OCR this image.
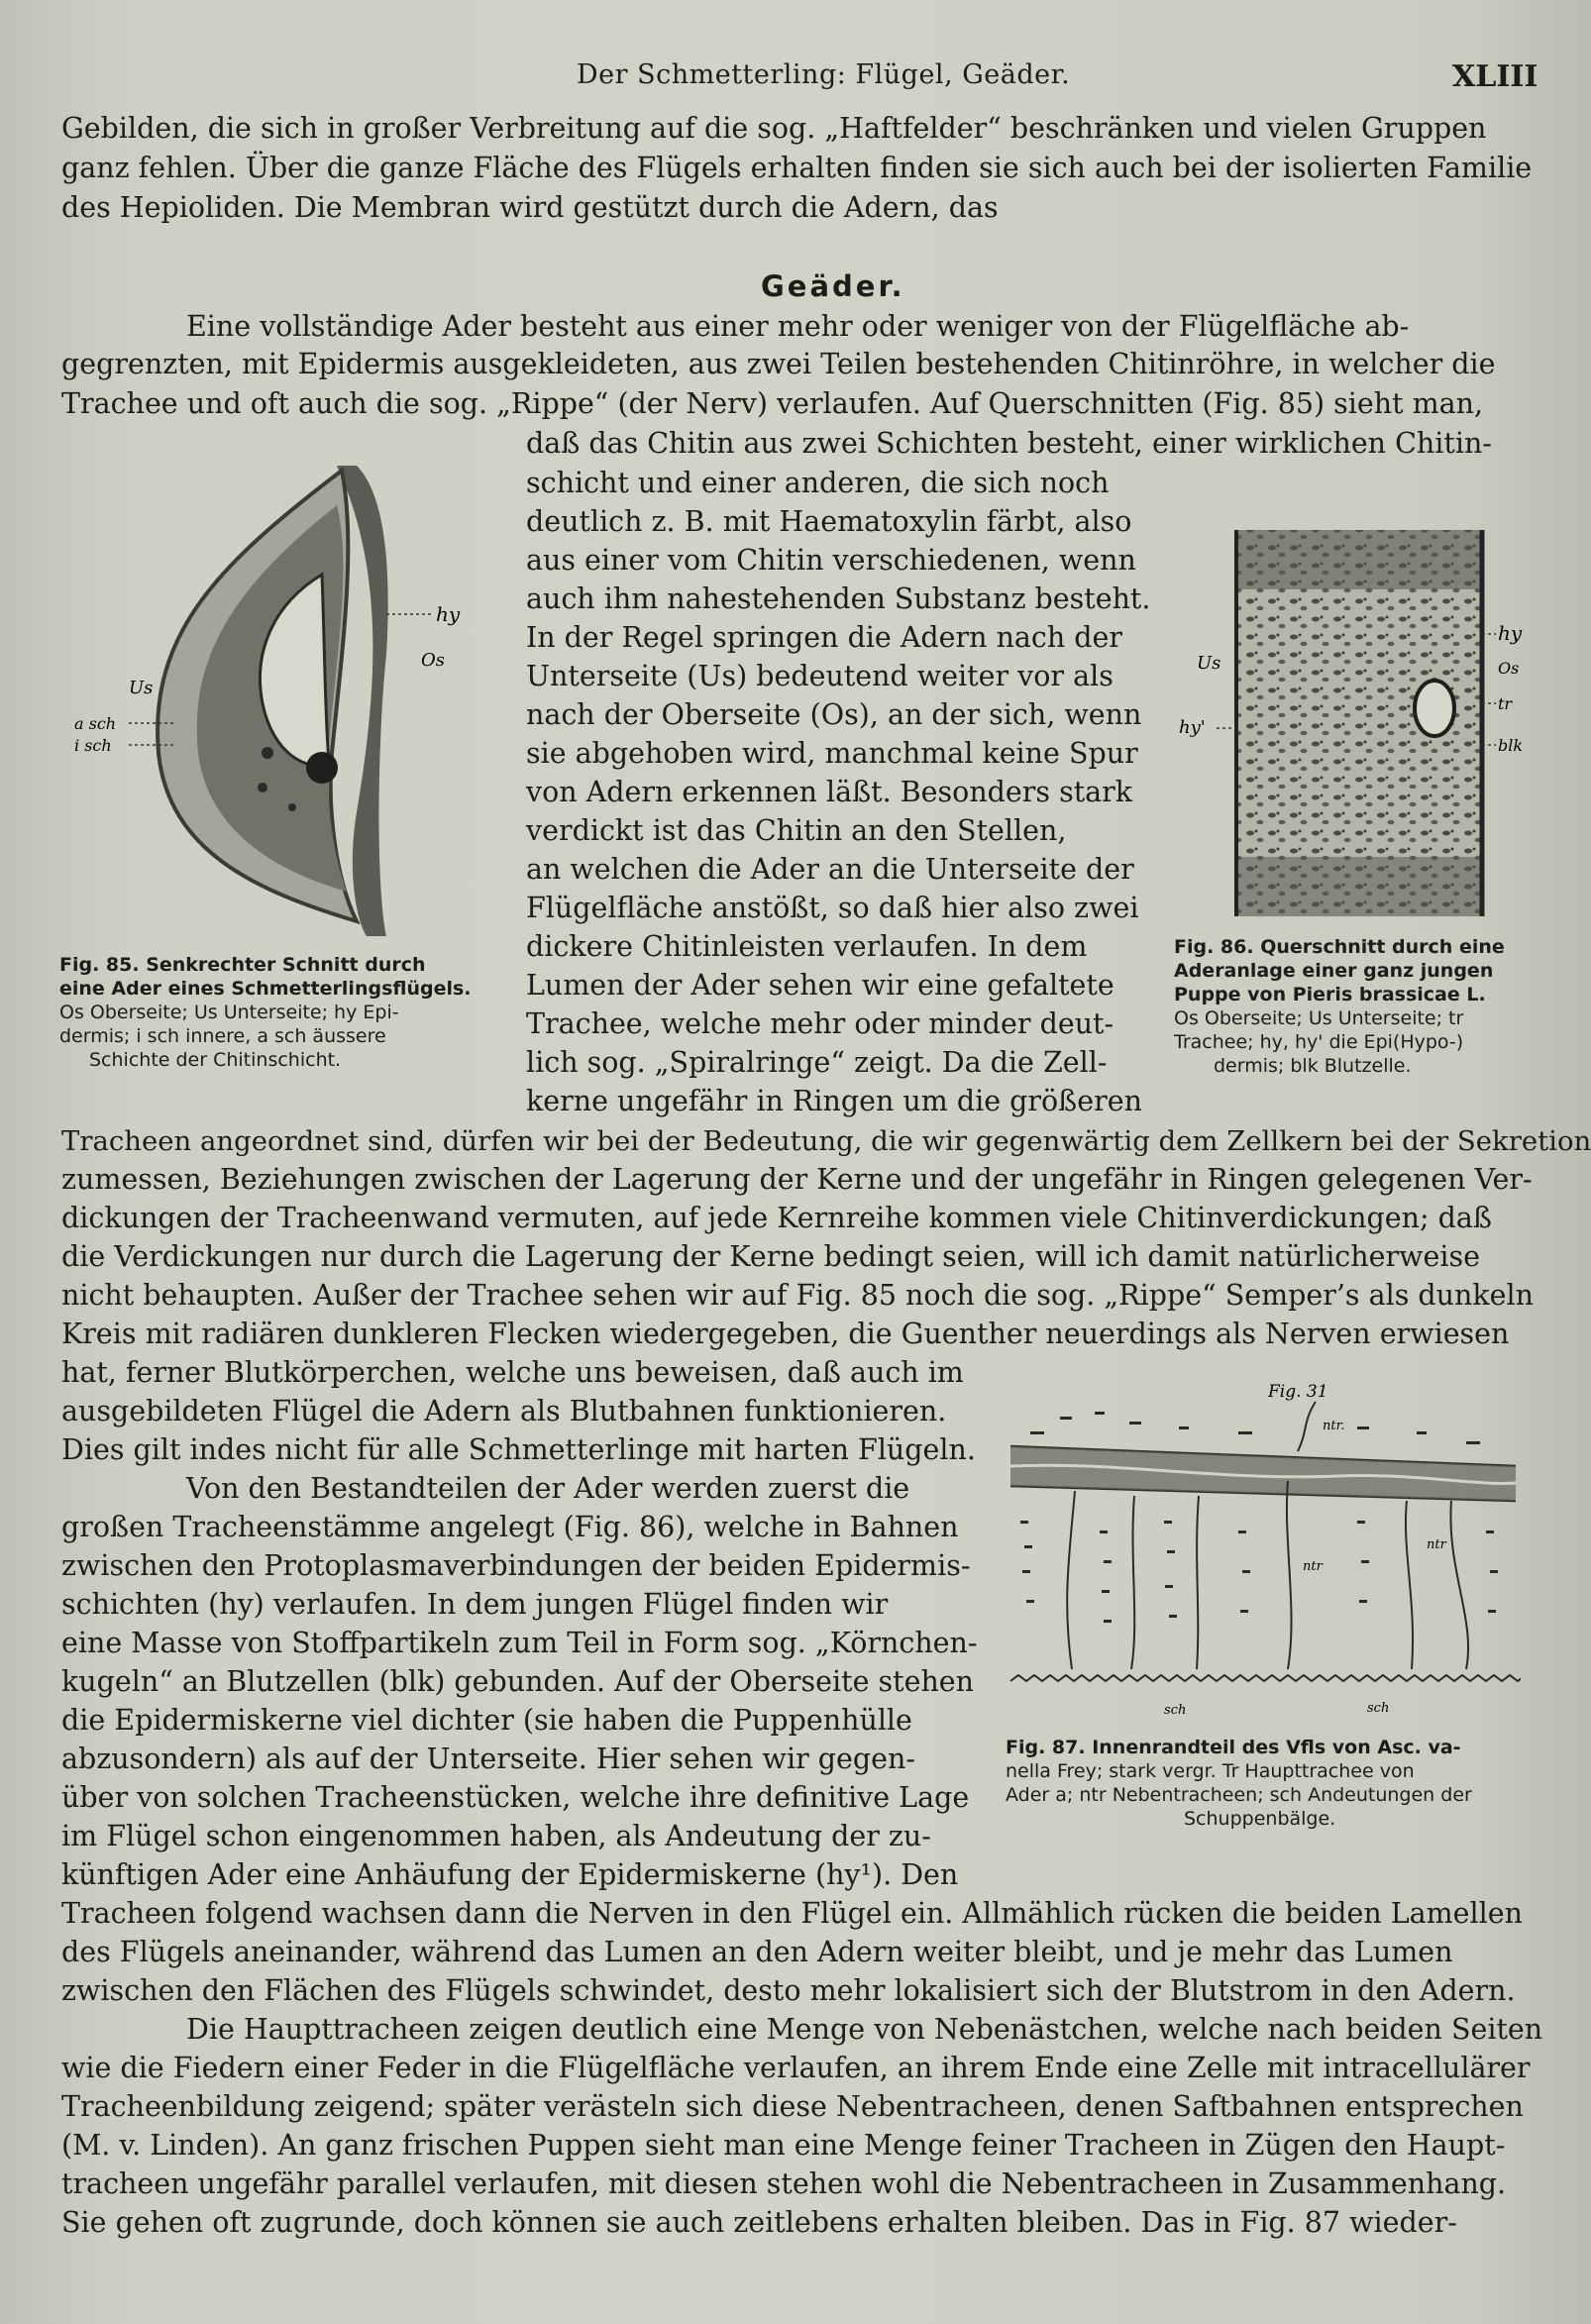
Der Schmetterling: Flügel, Geäder.	XLIII
Geäder.
Gebilden, die sich in großer Verbreitung auf die sog. „Haftfelder“ beschränken und vielen Gruppen
ganz fehlen. Über die ganze Fläche des Flügels erhalten finden sie sich auch bei der isolierten Familie
des Hepioliden. Die Membran wird gestützt durch die Adern, das
Eine vollständige Ader besteht aus einer mehr oder weniger von der Flügelfläche ab-
gegrenzten, mit Epidermis ausgekleideten, aus zwei Teilen bestehenden Chitinröhre, in welcher die
Trachee und oft auch die sog. „Rippe“ (der Nerv) verlaufen. Auf Querschnitten (Fig. 85) sieht man,
daß das Chitin aus zwei Schichten besteht, einer wirklichen Chitin-
schicht und einer anderen, die sich noch
deutlich z. B. mit Haematoxylin färbt, also
aus einer vom Chitin verschiedenen, wenn
auch ihm nahestehenden Substanz besteht.
In der Regel springen die Adern nach der
Unterseite (Us) bedeutend weiter vor als
nach der Oberseite (Os), an der sich, wenn
sie abgehoben wird, manchmal keine Spur
von Adern erkennen läßt. Besonders stark
verdickt ist das Chitin an den Stellen,
an welchen die Ader an die Unterseite der
Flügelfläche anstößt, so daß hier also zwei
dickere Chitinleisten verlaufen. In dem
Lumen der Ader sehen wir eine gefaltete
Trachee, welche mehr oder minder deut-
lich sog. „Spiralringe“ zeigt. Da die Zell-
kerne ungefähr in Ringen um die größeren
Tracheen angeordnet sind, dürfen wir bei der Bedeutung, die wir gegenwärtig dem Zellkern bei der Sekretion
zumessen, Beziehungen zwischen der Lagerung der Kerne und der ungefähr in Ringen gelegenen Ver-
dickungen der Tracheenwand vermuten, auf jede Kernreihe kommen viele Chitinverdickungen; daß
die Verdickungen nur durch die Lagerung der Kerne bedingt seien, will ich damit natürlicherweise
nicht behaupten. Außer der Trachee sehen wir auf Fig. 85 noch die sog. „Rippe“ Semper’s als dunkeln
Kreis mit radiären dunkleren Flecken wiedergegeben, die Guenther neuerdings als Nerven erwiesen
hat, ferner Blutkörperchen, welche uns beweisen, daß auch im
ausgebildeten Flügel die Adern als Blutbahnen funktionieren.
Dies gilt indes nicht für alle Schmetterlinge mit harten Flügeln.
Von den Bestandteilen der Ader werden zuerst die
großen Tracheenstämme angelegt (Fig. 86), welche in Bahnen
zwischen den Protoplasmaverbindungen der beiden Epidermis-
schichten (hy) verlaufen. In dem jungen Flügel finden wir
eine Masse von Stoffpartikeln zum Teil in Form sog. „Körnchen-
kugeln“ an Blutzellen (blk) gebunden. Auf der Oberseite stehen
die Epidermiskerne viel dichter (sie haben die Puppenhülle
abzusondern) als auf der Unterseite. Hier sehen wir gegen-
über von solchen Tracheenstücken, welche ihre definitive Lage
im Flügel schon eingenommen haben, als Andeutung der zu-
künftigen Ader eine Anhäufung der Epidermiskerne (hy¹). Den
Tracheen folgend wachsen dann die Nerven in den Flügel ein. Allmählich rücken die beiden Lamellen
des Flügels aneinander, während das Lumen an den Adern weiter bleibt, und je mehr das Lumen
zwischen den Flächen des Flügels schwindet, desto mehr lokalisiert sich der Blutstrom in den Adern.
Die Haupttracheen zeigen deutlich eine Menge von Nebenästchen, welche nach beiden Seiten
wie die Fiedern einer Feder in die Flügelfläche verlaufen, an ihrem Ende eine Zelle mit intracellulärer
Tracheenbildung zeigend; später verästeln sich diese Nebentracheen, denen Saftbahnen entsprechen
(M. v. Linden). An ganz frischen Puppen sieht man eine Menge feiner Tracheen in Zügen den Haupt-
tracheen ungefähr parallel verlaufen, mit diesen stehen wohl die Nebentracheen in Zusammenhang.
Sie gehen oft zugrunde, doch können sie auch zeitlebens erhalten bleiben. Das in Fig. 87 wieder-
hy
Os
Us
a sch
i sch
Fig. 85. Senkrechter Schnitt durch
eine Ader eines Schmetterlingsflügels.
Os Oberseite; Us Unterseite; hy Epi-
dermis; i sch innere, a sch äussere
Schichte der Chitinschicht.
hy
Os
tr
blk
Us
hy'
Fig. 86. Querschnitt durch eine
Aderanlage einer ganz jungen
Puppe von Pieris brassicae L.
Os Oberseite; Us Unterseite; tr
Trachee; hy, hy' die Epi(Hypo-)
dermis; blk Blutzelle.
Fig. 31
ntr.
ntr
ntr
sch	sch
Fig. 87. Innenrandteil des Vfls von Asc. va-
nella Frey; stark vergr. Tr Haupttrachee von
Ader a; ntr Nebentracheen; sch Andeutungen der
Schuppenbälge.
